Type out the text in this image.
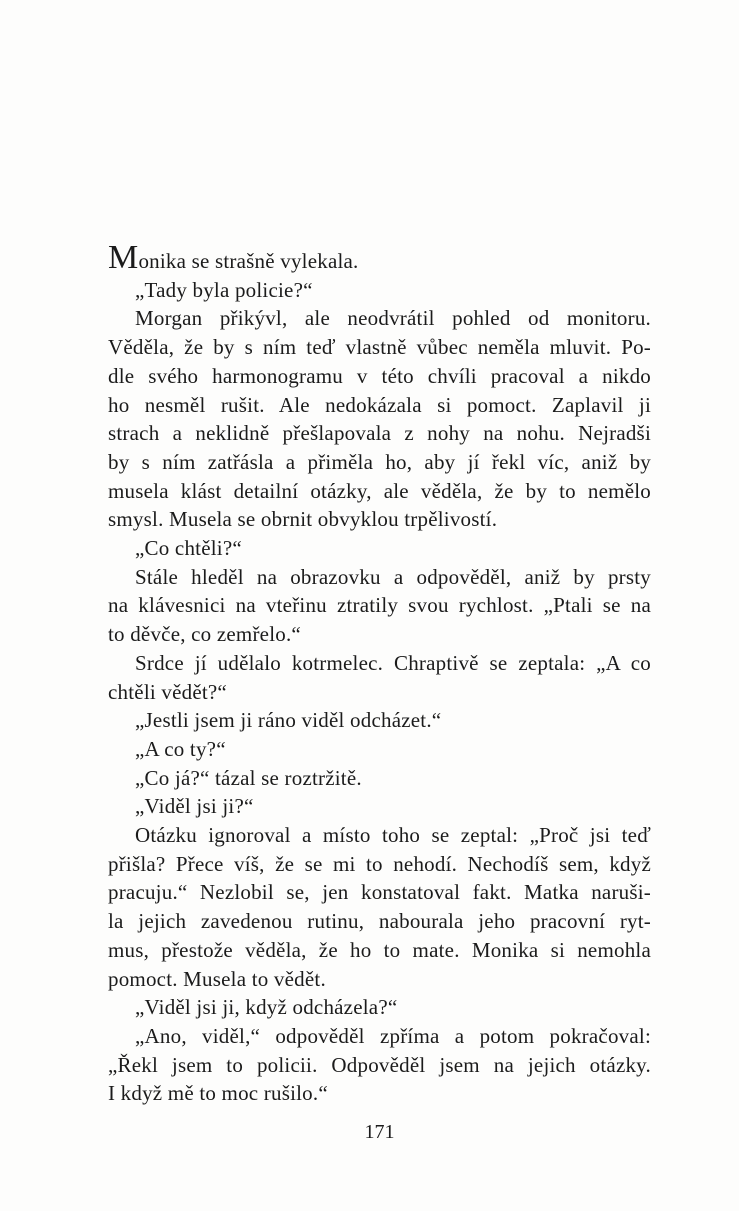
Monika se strašně vylekala.

„Tady byla policie?“

Morgan přikývl, ale neodvrátil pohled od monitoru.
Věděla, že by s ním teď vlastně vůbec neměla mluvit. Po-
dle svého harmonogramu v této chvíli pracoval a nikdo
ho nesměl rušit. Ale nedokázala si pomoct. Zaplavil ji
strach a neklidně přešlapovala z nohy na nohu. Nejradši
by s ním zatřásla a přiměla ho, aby jí řekl víc, aniž by
musela klást detailní otázky, ale věděla, že by to nemělo
smysl. Musela se obrnit obvyklou trpělivostí.

„Co chtěli?“

Stále hleděl na obrazovku a odpověděl, aniž by prsty
na klávesnici na vteřinu ztratily svou rychlost. „Ptali se na
to děvče, co zemřelo.“

Srdce jí udělalo kotrmelec. Chraptivě se zeptala: „A co
chtěli vědět?“

„Jestli jsem ji ráno viděl odcházet.“

„A co ty?“

„Co já?“ tázal se roztržitě.

„Viděl jsi ji?“

Otázku ignoroval a místo toho se zeptal: „Proč jsi teď
přišla? Přece víš, že se mi to nehodí. Nechodíš sem, když
pracuju.“ Nezlobil se, jen konstatoval fakt. Matka naruši-
la jejich zavedenou rutinu, nabourala jeho pracovní ryt-
mus, přestože věděla, že ho to mate. Monika si nemohla
pomoct. Musela to vědět.

„Viděl jsi ji, když odcházela?“

„Ano, viděl,“ odpověděl zpříma a potom pokračoval:
„Řekl jsem to policii. Odpověděl jsem na jejich otázky.
I když mě to moc rušilo.“

171
